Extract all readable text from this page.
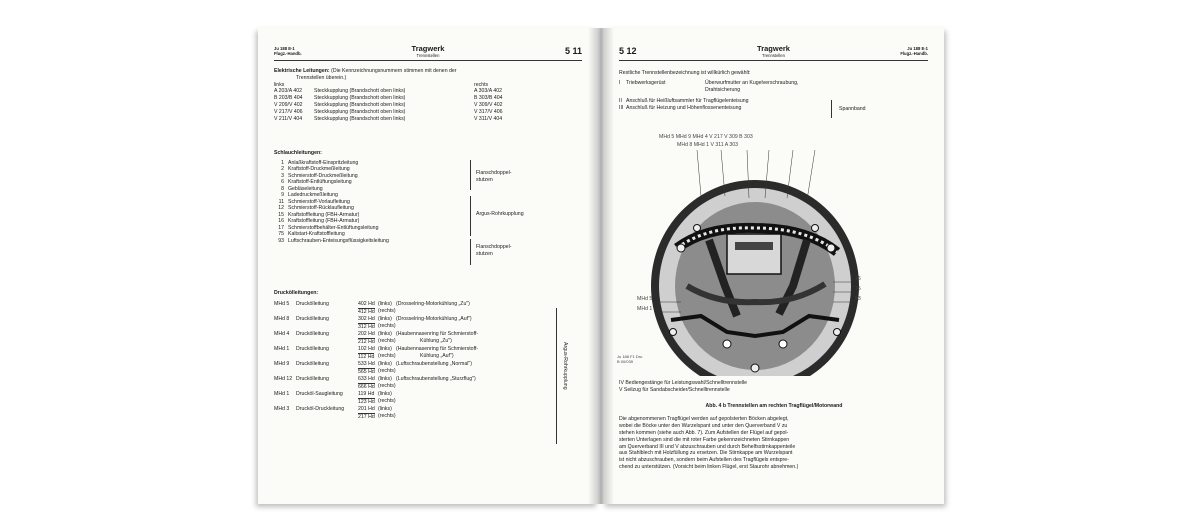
Ju 188 E-1
Flugz.-Handb.
Tragwerk
Trennstellen	5 11
Elektrische Leitungen: (Die Kennzeichnungsnummern stimmen mit denen der
Trennstellen überein.)
links	rechts
A 203/A 402 Steckkupplung (Brandschott oben links)	A 303/A 402
B 203/B 404 Steckkupplung (Brandschott oben links)	B 303/B 404
V 209/V 402 Steckkupplung (Brandschott oben links)	V 309/V 402
V 217/V 406 Steckkupplung (Brandschott oben links)	V 317/V 406
V 211/V 404 Steckkupplung (Brandschott oben links)	V 311/V 404
Schlauchleitungen:
1 Anlaßkraftstoff-Einspritzleitung
2 Kraftstoff-Druckmeßleitung
3 Schmierstoff-Druckmeßleitung
6 Kraftstoff-Entlüftungsleitung
8 Gebläseleitung
9 Ladedruckmeßleitung
11 Schmierstoff-Vorlaufleitung
12 Schmierstoff-Rücklaufleitung
15 Kraftstoffleitung (FBH-Armatur)
16 Kraftstoffleitung (FBH-Armatur)
17 Schmierstoffbehälter-Entlüftungsleitung
75 Kaltstart-Kraftstoffleitung
93 Luftschrauben-Enteisungsflüssigkeitsleitung
Flanschdoppel-
stutzen
Argus-Rohrkupplung
Flanschdoppel-
stutzen
Druckölleitungen:
MHd 5 Druckölleitung	402 Hd (links) (Drosselring-Motorkühlung „Zu")
412 Hd (rechts)
MHd 8 Druckölleitung	302 Hd (links) (Drosselring-Motorkühlung „Auf")
312 Hd (rechts)
MHd 4 Druckölleitung	202 Hd (links) (Haubennasenring für Schmierstoff-
212 Hd (rechts)	Kühlung „Zu")
MHd 1 Druckölleitung	102 Hd (links) (Haubennasenring für Schmierstoff-
112 Hd (rechts)	Kühlung „Auf")
MHd 9 Druckölleitung	533 Hd (links) (Luftschraubenstellung „Normal")
565 Hd (rechts)
MHd 12 Druckölleitung	633 Hd (links) (Luftschraubenstellung „Sturzflug")
666 Hd (rechts)
MHd 1 Drucköl-Saugleitung	119 Hd (links)
123 Hd (rechts)
MHd 3 Drucköl-Druckleitung	201 Hd (links)
217 Hd (rechts)
Argus-Rohrkupplung
5 12	Tragwerk
Trennstellen
Ju 188 E-1
Flugz.-Handb.
Restliche Trennstellenbezeichnung ist willkürlich gewählt:
I Triebwerksgerüst	Überwurfmutter an Kugelverschraubung,
Drahtsicherung
II Anschluß für Heißluftsammler für Tragflügelenteisung
III Anschluß für Heizung und Höhenflossenenteisung	Spannband
MHd 5 MHd 9 MHd 4 V 217 V 309 B 303
MHd 8 MHd 1 V 311 A 303
MHd 5
MHd 1
16
75
93
Ju 188 F1 Dru
B 00/039
IV Bediengestänge für Leistungswahl/Schnelltrennstelle
V Seilzug für Sandabscheider/Schnelltrennstelle
Abb. 4 b Trennstellen am rechten Tragflügel/Motorwand
Die abgenommenen Tragflügel werden auf gepolsterten Böcken abgelegt,
wobei die Böcke unter den Wurzelspant und unter den Querverband V zu
stehen kommen (siehe auch Abb. 7). Zum Aufstellen der Flügel auf gepol-
sterten Unterlagen sind die mit roter Farbe gekennzeichneten Stirnkappen
am Querverband III und V abzuschrauben und durch Behelfsstirnkappenteile
aus Stahlblech mit Holzfüllung zu ersetzen. Die Stirnkappe am Wurzelspant
ist nicht abzuschrauben, sondern beim Aufstellen des Tragflügels entspre-
chend zu unterstützen. (Vorsicht beim linken Flügel, erst Staurohr abnehmen.)
